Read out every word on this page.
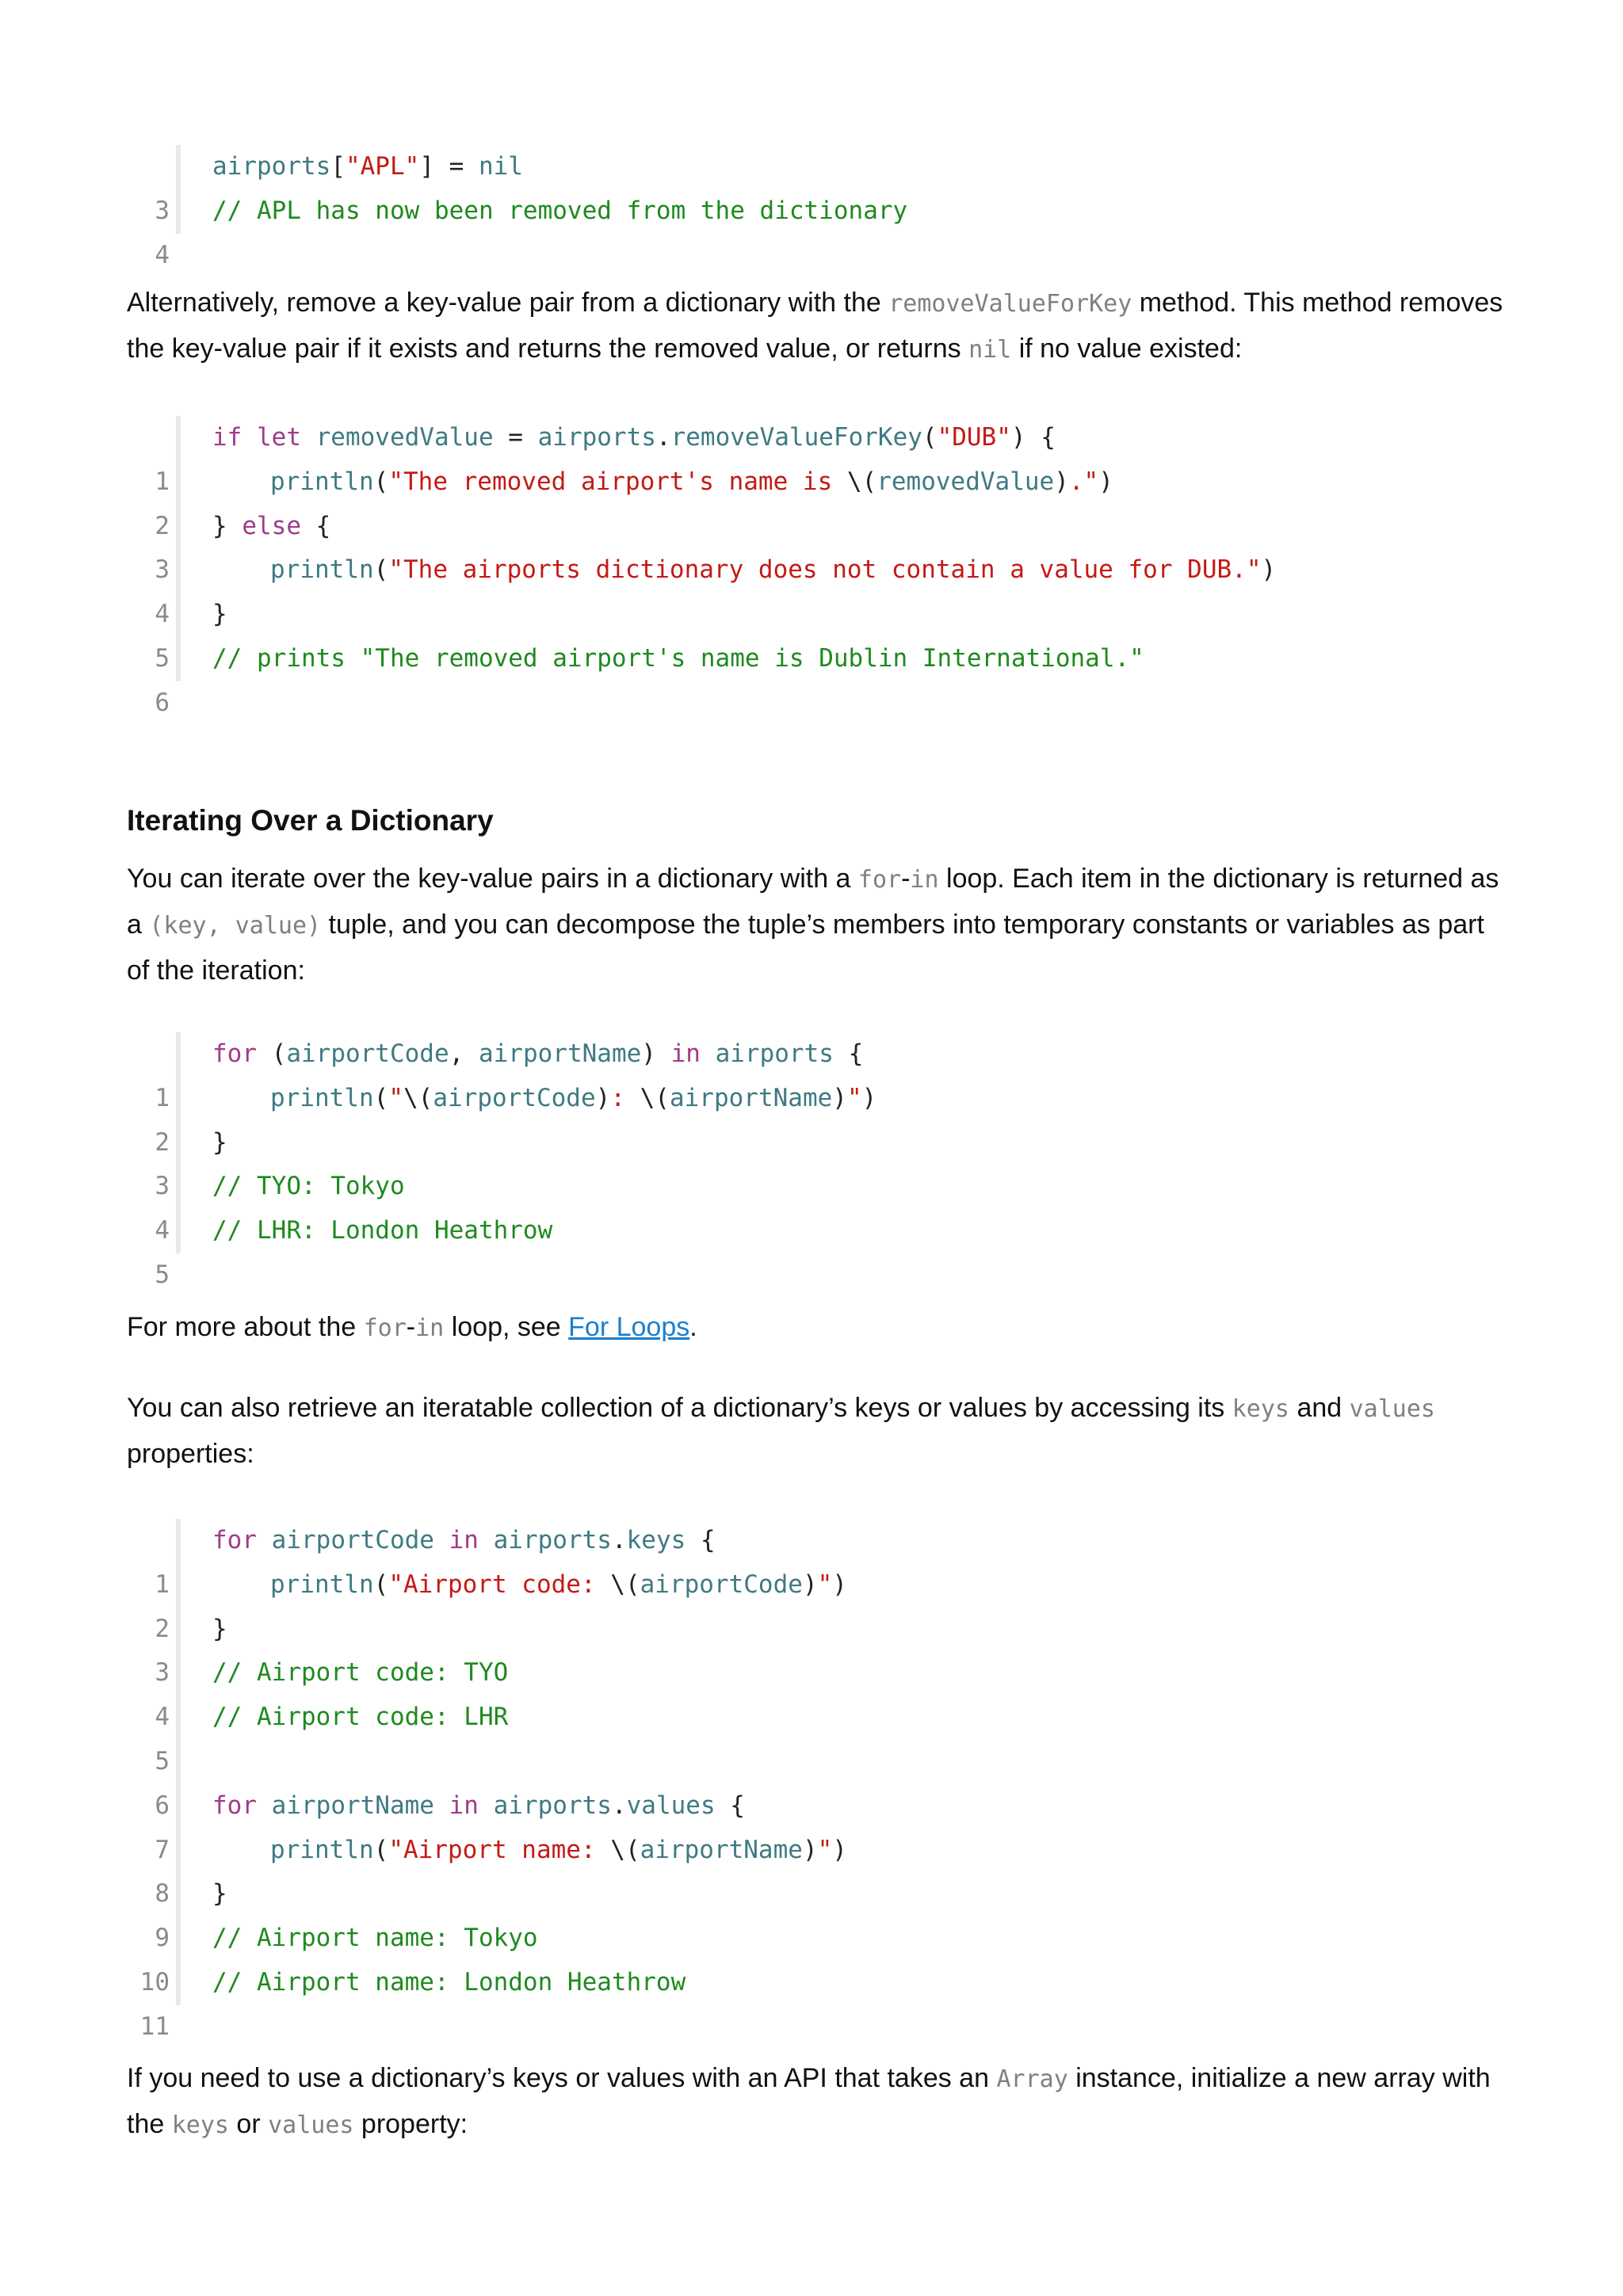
3

airports["APL"] = nil

4

// APL has now been removed from the dictionary

Alternatively, remove a key-value pair from a dictionary with the removeValueForKey method. This method removes the key-value pair if it exists and returns the removed value, or returns nil if no value existed:

1

if let removedValue = airports.removeValueForKey("DUB") {

2

println("The removed airport's name is \(removedValue).")

3

} else {

4

println("The airports dictionary does not contain a value for DUB.")

5

}

6

// prints "The removed airport's name is Dublin International."

Iterating Over a Dictionary
You can iterate over the key-value pairs in a dictionary with a for-in loop. Each item in the dictionary is returned as a (key, value) tuple, and you can decompose the tuple’s members into temporary constants or variables as part of the iteration:

1

for (airportCode, airportName) in airports {

2

println("\(airportCode): \(airportName)")

3

}

4

// TYO: Tokyo

5

// LHR: London Heathrow

For more about the for-in loop, see For Loops.
You can also retrieve an iteratable collection of a dictionary’s keys or values by accessing its keys and values properties:

1

for airportCode in airports.keys {

2

println("Airport code: \(airportCode)")

3

}

4

// Airport code: TYO

5

// Airport code: LHR

6

7

for airportName in airports.values {

8

println("Airport name: \(airportName)")

9

}

10

// Airport name: Tokyo

11

// Airport name: London Heathrow

If you need to use a dictionary’s keys or values with an API that takes an Array instance, initialize a new array with the keys or values property:
